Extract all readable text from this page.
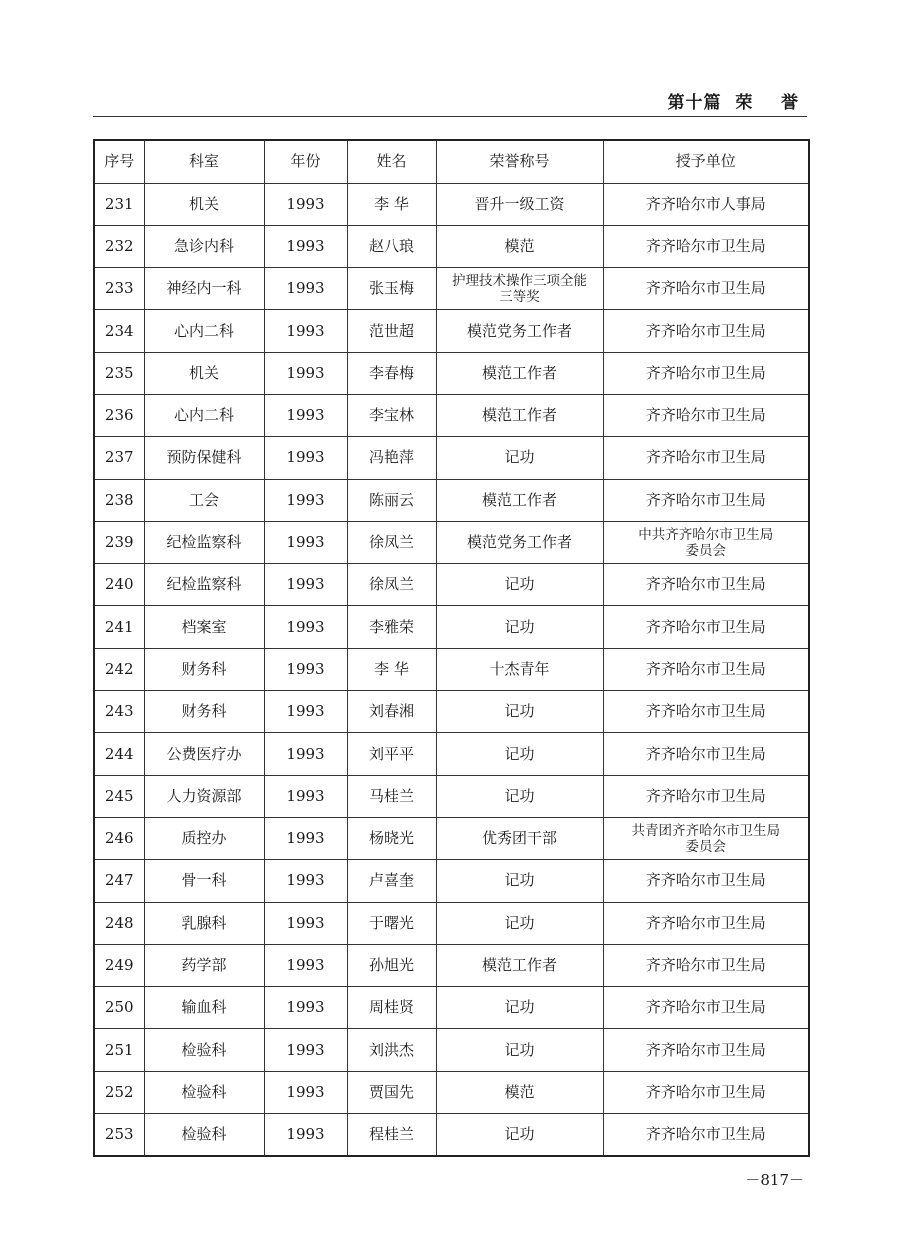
第十篇  荣    誉
序号	科室	年份	姓名	荣誉称号	授予单位
231	机关	1993	李 华	晋升一级工资	齐齐哈尔市人事局
232	急诊内科	1993	赵八琅	模范	齐齐哈尔市卫生局
233	神经内一科	1993	张玉梅	护理技术操作三项全能
三等奖	齐齐哈尔市卫生局
234	心内二科	1993	范世超	模范党务工作者	齐齐哈尔市卫生局
235	机关	1993	李春梅	模范工作者	齐齐哈尔市卫生局
236	心内二科	1993	李宝林	模范工作者	齐齐哈尔市卫生局
237	预防保健科	1993	冯艳萍	记功	齐齐哈尔市卫生局
238	工会	1993	陈丽云	模范工作者	齐齐哈尔市卫生局
239	纪检监察科	1993	徐凤兰	模范党务工作者	中共齐齐哈尔市卫生局
委员会
240	纪检监察科	1993	徐凤兰	记功	齐齐哈尔市卫生局
241	档案室	1993	李雅荣	记功	齐齐哈尔市卫生局
242	财务科	1993	李 华	十杰青年	齐齐哈尔市卫生局
243	财务科	1993	刘春湘	记功	齐齐哈尔市卫生局
244	公费医疗办	1993	刘平平	记功	齐齐哈尔市卫生局
245	人力资源部	1993	马桂兰	记功	齐齐哈尔市卫生局
246	质控办	1993	杨晓光	优秀团干部	共青团齐齐哈尔市卫生局
委员会
247	骨一科	1993	卢喜奎	记功	齐齐哈尔市卫生局
248	乳腺科	1993	于曙光	记功	齐齐哈尔市卫生局
249	药学部	1993	孙旭光	模范工作者	齐齐哈尔市卫生局
250	输血科	1993	周桂贤	记功	齐齐哈尔市卫生局
251	检验科	1993	刘洪杰	记功	齐齐哈尔市卫生局
252	检验科	1993	贾国先	模范	齐齐哈尔市卫生局
253	检验科	1993	程桂兰	记功	齐齐哈尔市卫生局
－817－
